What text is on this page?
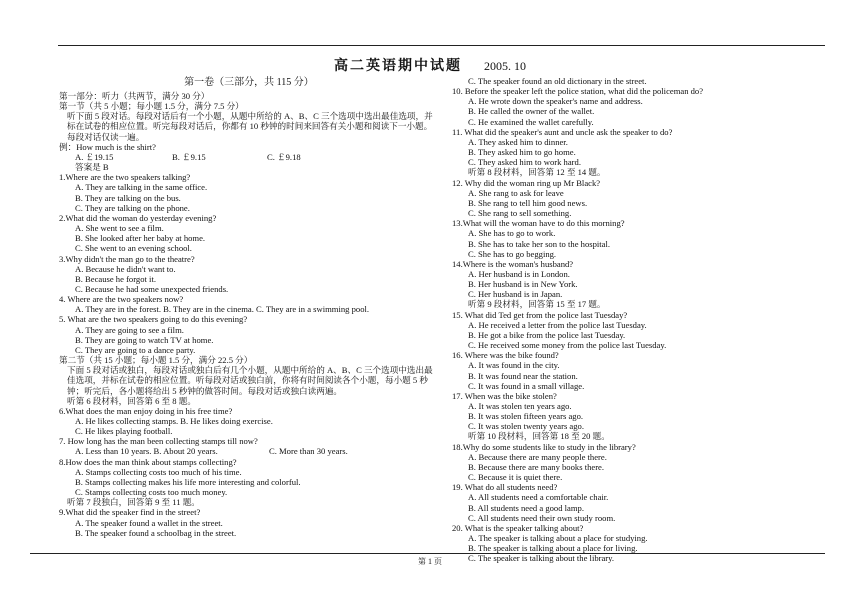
高二英语期中试题 2005. 10
第一卷（三部分，共 115 分）
第一部分：听力（共两节，满分 30 分）
第一节（共 5 小题；每小题 1.5 分，满分 7.5 分）
听下面 5 段对话。每段对话后有一个小题，从题中所给的 A、B、C 三个选项中选出最佳选项，并标在试卷的相应位置。听完每段对话后，你都有 10 秒钟的时间来回答有关小题和阅读下一小题。每段对话仅读一遍。
例：How much is the shirt?
A. ￡19.15	B. ￡9.15	C. ￡9.18
答案是 B
1.Where are the two speakers talking?
A. They are talking in the same office.
B. They are talking on the bus.
C. They are talking on the phone.
2.What did the woman do yesterday evening?
A. She went to see a film.
B. She looked after her baby at home.
C. She went to an evening school.
3.Why didn't the man go to the theatre?
A. Because he didn't want to.
B. Because he forgot it.
C. Because he had some unexpected friends.
4. Where are the two speakers now?
A. They are in the forest. B. They are in the cinema. C. They are in a swimming pool.
5. What are the two speakers going to do this evening?
A. They are going to see a film.
B. They are going to watch TV at home.
C. They are going to a dance party.
第二节（共 15 小题；每小题 1.5 分，满分 22.5 分）
下面 5 段对话或独白，每段对话或独白后有几个小题，从题中所给的 A、B、C 三个选项中选出最佳选项，并标在试卷的相应位置。听每段对话或独白前，你将有时间阅读各个小题，每小题 5 秒钟；听完后，各小题将给出 5 秒钟的做答时间。每段对话或独白读两遍。
听第 6 段材料，回答第 6 至 8 题。
6.What does the man enjoy doing in his free time?
A. He likes collecting stamps. B. He likes doing exercise.
C. He likes playing football.
7. How long has the man been collecting stamps till now?
A. Less than 10 years. B. About 20 years.	C. More than 30 years.
8.How does the man think about stamps collecting?
A. Stamps collecting costs too much of his time.
B. Stamps collecting makes his life more interesting and colorful.
C. Stamps collecting costs too much money.
听第 7 段独白，回答第 9 至 11 题。
9.What did the speaker find in the street?
A. The speaker found a wallet in the street.
B. The speaker found a schoolbag in the street.
C. The speaker found an old dictionary in the street.
10. Before the speaker left the police station, what did the policeman do?
A. He wrote down the speaker's name and address.
B. He called the owner of the wallet.
C. He examined the wallet carefully.
11. What did the speaker's aunt and uncle ask the speaker to do?
A. They asked him to dinner.
B. They asked him to go home.
C. They asked him to work hard.
听第 8 段材料，回答第 12 至 14 题。
12. Why did the woman ring up Mr Black?
A. She rang to ask for leave
B. She rang to tell him good news.
C. She rang to sell something.
13.What will the woman have to do this morning?
A. She has to go to work.
B. She has to take her son to the hospital.
C. She has to go begging.
14.Where is the woman's husband?
A. Her husband is in London.
B. Her husband is in New York.
C. Her husband is in Japan.
听第 9 段材料，回答第 15 至 17 题。
15. What did Ted get from the police last Tuesday?
A. He received a letter from the police last Tuesday.
B. He got a bike from the police last Tuesday.
C. He received some money from the police last Tuesday.
16. Where was the bike found?
A. It was found in the city.
B. It was found near the station.
C. It was found in a small village.
17. When was the bike stolen?
A. It was stolen ten years ago.
B. It was stolen fifteen years ago.
C. It was stolen twenty years ago.
听第 10 段材料，回答第 18 至 20 题。
18.Why do some students like to study in the library?
A. Because there are many people there.
B. Because there are many books there.
C. Because it is quiet there.
19. What do all students need?
A. All students need a comfortable chair.
B. All students need a good lamp.
C. All students need their own study room.
20. What is the speaker talking about?
A. The speaker is talking about a place for studying.
B. The speaker is talking about a place for living.
C. The speaker is talking about the library.
第 1 页
